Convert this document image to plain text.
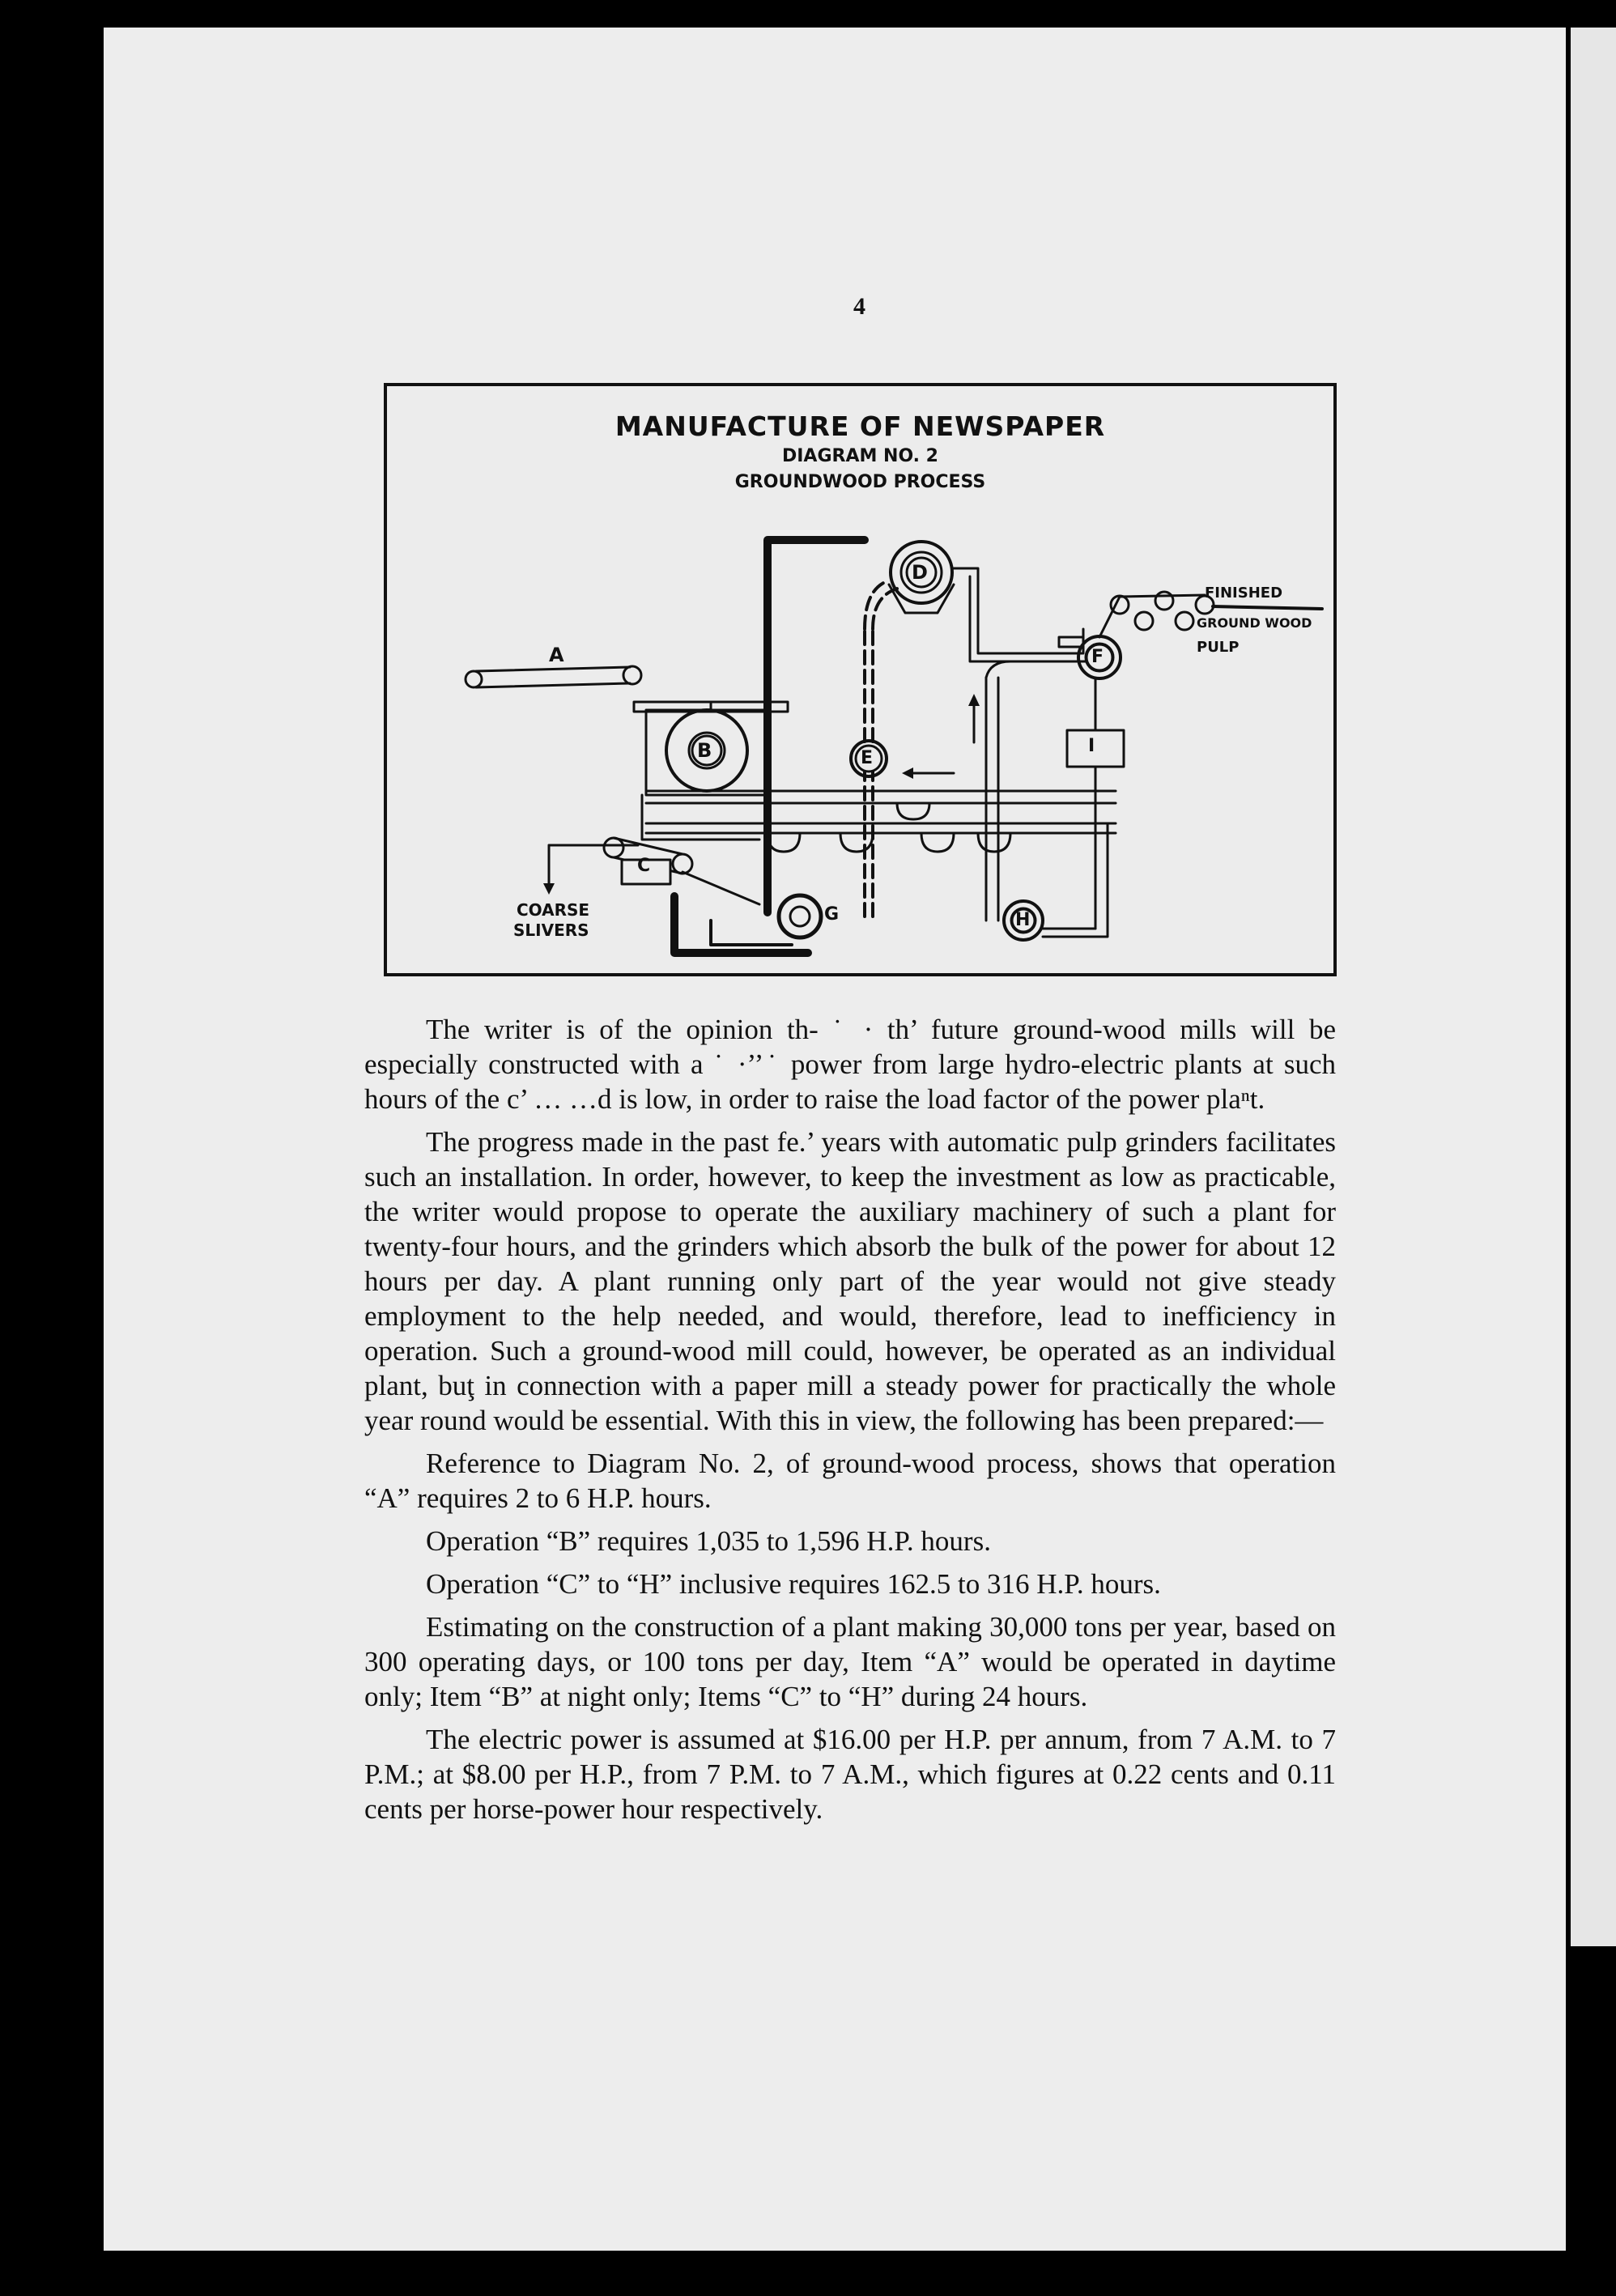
4
MANUFACTURE OF NEWSPAPER
DIAGRAM NO. 2
GROUNDWOOD PROCESS
A
B
C
D
E
F
G	H
I
COARSE
SLIVERS
FINISHED
GROUND WOOD
PULP

The writer is of the opinion th‑ ˙ · th’ future ground-wood mills will be especially constructed with a ˙ ·’’˙ power from large hydro-electric plants at such hours of the c’ … …d is low, in order to raise the load factor of the power plaⁿt.

The progress made in the past fe.’ years with automatic pulp grinders facilitates such an installation. In order, however, to keep the investment as low as practicable, the writer would propose to operate the auxiliary machinery of such a plant for twenty-four hours, and the grinders which absorb the bulk of the power for about 12 hours per day. A plant running only part of the year would not give steady employment to the help needed, and would, therefore, lead to inefficiency in operation. Such a ground-wood mill could, however, be operated as an individual plant, buţ in connection with a paper mill a steady power for practically the whole year round would be essential. With this in view, the following has been prepared:—

Reference to Diagram No. 2, of ground-wood process, shows that operation “A” requires 2 to 6 H.P. hours.

Operation “B” requires 1,035 to 1,596 H.P. hours.

Operation “C” to “H” inclusive requires 162.5 to 316 H.P. hours.

Estimating on the construction of a plant making 30,000 tons per year, based on 300 operating days, or 100 tons per day, Item “A” would be operated in daytime only; Item “B” at night only; Items “C” to “H” during 24 hours.

The electric power is assumed at $16.00 per H.P. pɐr annum, from 7 A.M. to 7 P.M.; at $8.00 per H.P., from 7 P.M. to 7 A.M., which figures at 0.22 cents and 0.11 cents per horse-power hour respectively.
